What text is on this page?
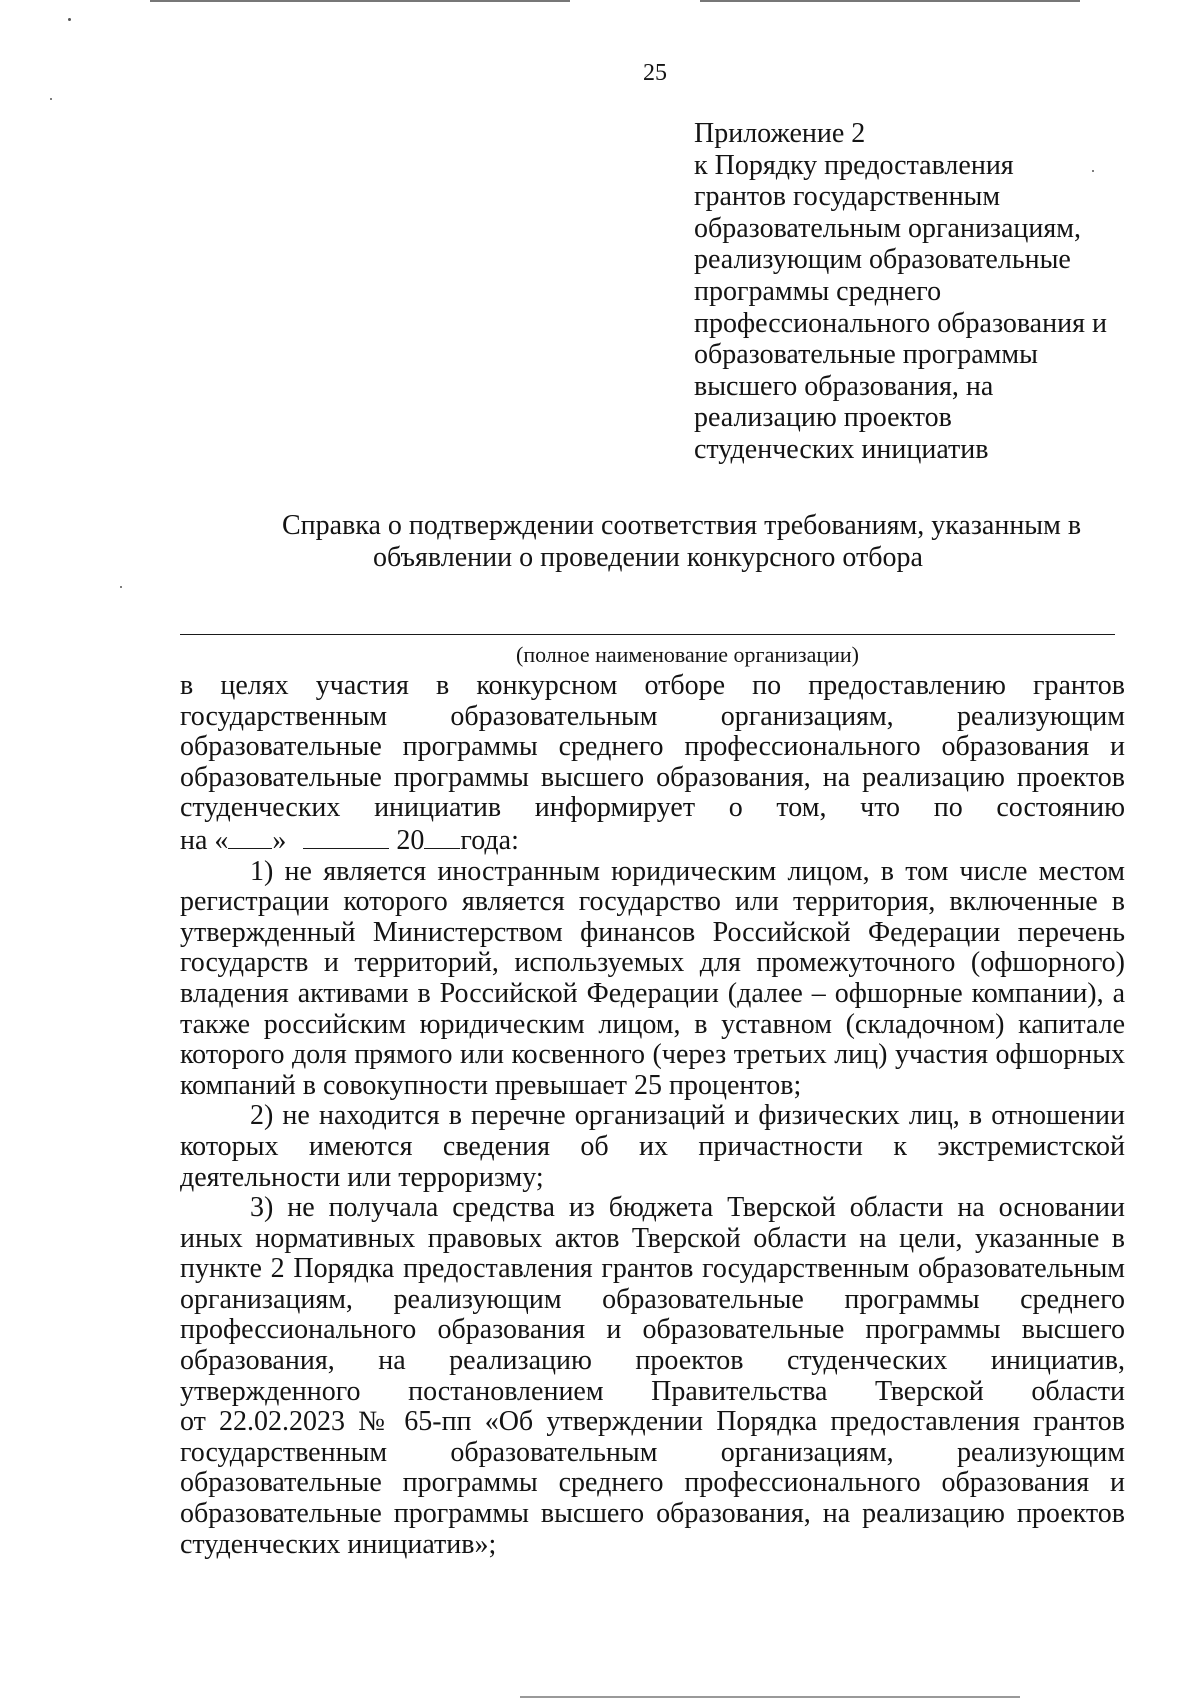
25
Приложение 2
к Порядку предоставления
грантов государственным
образовательным организациям,
реализующим образовательные
программы среднего
профессионального образования и
образовательные программы
высшего образования, на
реализацию проектов
студенческих инициатив
Справка о подтверждении соответствия требованиям, указанным в
объявлении о проведении конкурсного отбора
(полное наименование организации)
в целях участия в конкурсном отборе по предоставлению грантов
государственным образовательным организациям, реализующим
образовательные программы среднего профессионального образования и
образовательные программы высшего образования, на реализацию проектов
студенческих инициатив информирует о том, что по состоянию
на « »	20 года:
1) не является иностранным юридическим лицом, в том числе местом
регистрации которого является государство или территория, включенные в
утвержденный Министерством финансов Российской Федерации перечень
государств и территорий, используемых для промежуточного (офшорного)
владения активами в Российской Федерации (далее – офшорные компании), а
также российским юридическим лицом, в уставном (складочном) капитале
которого доля прямого или косвенного (через третьих лиц) участия офшорных
компаний в совокупности превышает 25 процентов;
2) не находится в перечне организаций и физических лиц, в отношении
которых имеются сведения об их причастности к экстремистской
деятельности или терроризму;
3) не получала средства из бюджета Тверской области на основании
иных нормативных правовых актов Тверской области на цели, указанные в
пункте 2 Порядка предоставления грантов государственным образовательным
организациям, реализующим образовательные программы среднего
профессионального образования и образовательные программы высшего
образования, на реализацию проектов студенческих инициатив,
утвержденного постановлением Правительства Тверской области
от 22.02.2023 № 65-пп «Об утверждении Порядка предоставления грантов
государственным образовательным организациям, реализующим
образовательные программы среднего профессионального образования и
образовательные программы высшего образования, на реализацию проектов
студенческих инициатив»;
